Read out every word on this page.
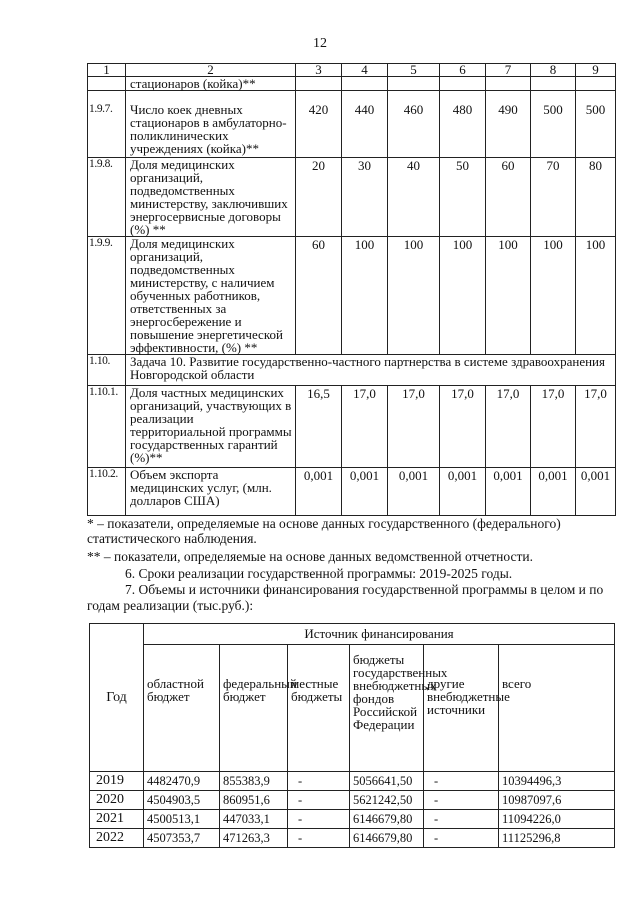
12
1	2	3	4	5	6	7	8	9
	стационаров (койка)**							
1.9.7.	Число коек дневных стационаров в амбулаторно-поликлинических учреждениях (койка)**	420	440	460	480	490	500	500
1.9.8.	Доля медицинских организаций, подведомственных министерству, заключивших энергосервисные договоры (%) **	20	30	40	50	60	70	80
1.9.9.	Доля медицинских организаций, подведомственных министерству, с наличием обученных работников, ответственных за энергосбережение и повышение энергетической эффективности, (%) **	60	100	100	100	100	100	100
1.10.	Задача 10. Развитие государственно-частного партнерства в системе здравоохранения Новгородской области							
1.10.1.	Доля частных медицинских организаций, участвующих в реализации территориальной программы государственных гарантий (%)**	16,5	17,0	17,0	17,0	17,0	17,0	17,0
1.10.2.	Объем экспорта медицинских услуг, (млн. долларов США)	0,001	0,001	0,001	0,001	0,001	0,001	0,001
* – показатели, определяемые на основе данных государственного (федерального) статистического наблюдения.
** – показатели, определяемые на основе данных ведомственной отчетности.
6. Сроки реализации государственной программы: 2019-2025 годы.
7. Объемы и источники финансирования государственной программы в целом и по годам реализации (тыс.руб.):
Год	Источник финансирования					

	областной бюджет	федеральный бюджет	местные бюджеты	бюджеты государственных внебюджетных фондов Российской Федерации	другие внебюджетные источники	всего

2019	4482470,9	855383,9	-	5056641,50	-	10394496,3
2020	4504903,5	860951,6	-	5621242,50	-	10987097,6
2021	4500513,1	447033,1	-	6146679,80	-	11094226,0
2022	4507353,7	471263,3	-	6146679,80	-	11125296,8
